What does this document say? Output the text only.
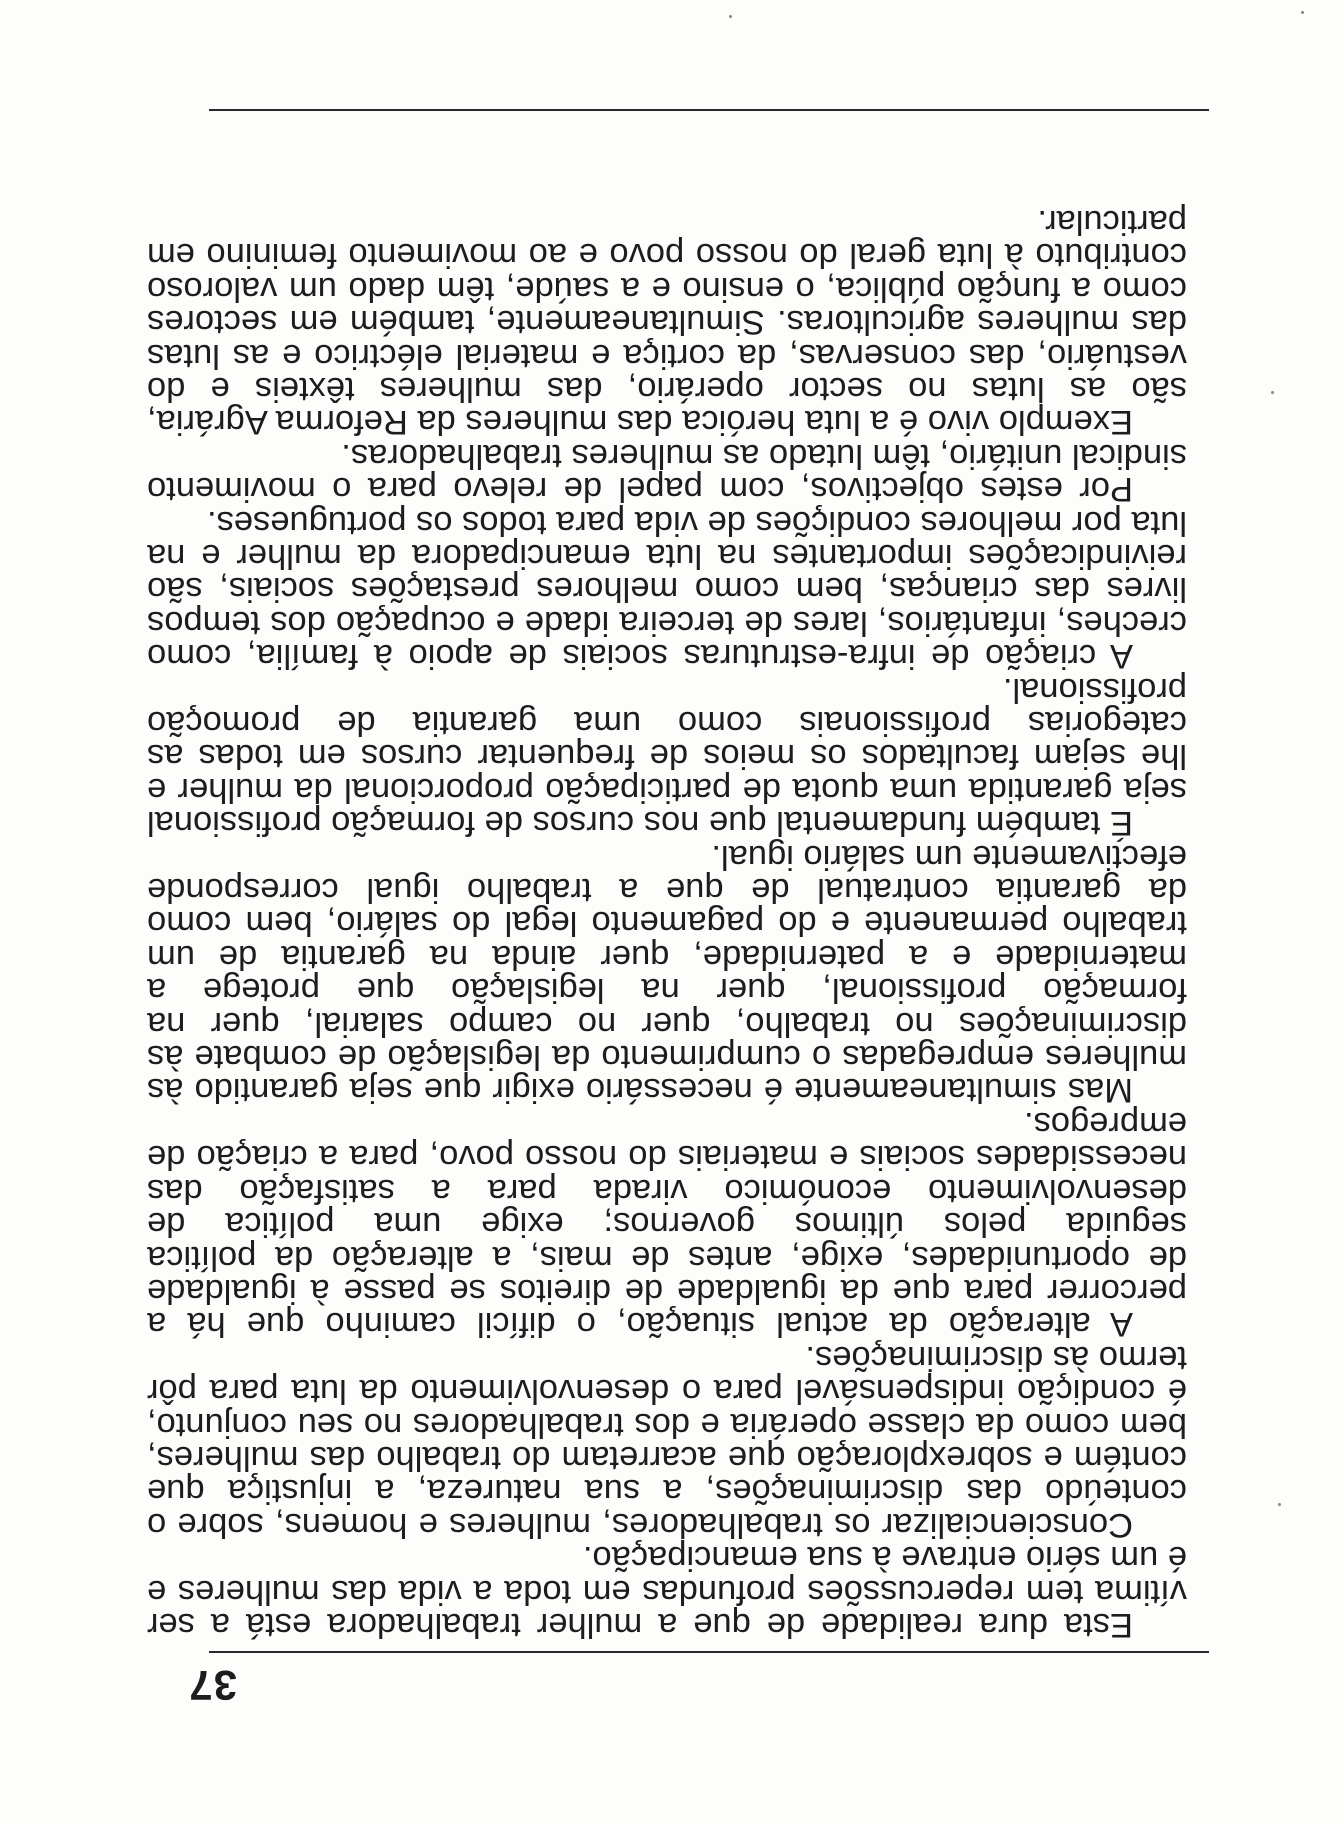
37

Esta dura realidade de que a mulher trabalhadora está a ser vítima tem repercussões profundas em toda a vida das mulheres e é um sério entrave à sua emancipação.

Consciencializar os trabalhadores, mulheres e homens, sobre o conteúdo das discriminações, a sua natureza, a injustiça que contém e sobrexploração que acarretam do trabalho das mulheres, bem como da classe operária e dos trabalhadores no seu conjunto, é condição indispensável para o desenvolvimento da luta para pôr termo às discriminações.

A alteração da actual situação, o difícil caminho que há a percorrer para que da igualdade de direitos se passe à igualdade de oportunidades, exige, antes de mais, a alteração da política seguida pelos últimos governos; exige uma política de desenvolvimento económico virada para a satisfação das necessidades sociais e materiais do nosso povo, para a criação de empregos.

Mas simultaneamente é necessário exigir que seja garantido às mulheres empregadas o cumprimento da legislação de combate às discriminações no trabalho, quer no campo salarial, quer na formação profissional, quer na legislação que protege a maternidade e a paternidade, quer ainda na garantia de um trabalho permanente e do pagamento legal do salário, bem como da garantia contratual de que a trabalho igual corresponde efectivamente um salário igual.

É também fundamental que nos cursos de formação profissional seja garantida uma quota de participação proporcional da mulher e lhe sejam facultados os meios de frequentar cursos em todas as categorias profissionais como uma garantia de promoção profissional.

A criação de infra-estruturas sociais de apoio à família, como creches, infantários, lares de terceira idade e ocupação dos tempos livres das crianças, bem como melhores prestações sociais, são reivindicações importantes na luta emancipadora da mulher e na luta por melhores condições de vida para todos os portugueses.

Por estes objectivos, com papel de relevo para o movimento sindical unitário, têm lutado as mulheres trabalhadoras.

Exemplo vivo é a luta heróica das mulheres da Reforma Agrária, são as lutas no sector operário, das mulheres têxteis e do vestuário, das conservas, da cortiça e material eléctrico e as lutas das mulheres agricultoras. Simultaneamente, também em sectores como a função pública, o ensino e a saúde, têm dado um valoroso contributo à luta geral do nosso povo e ao movimento feminino em particular.
